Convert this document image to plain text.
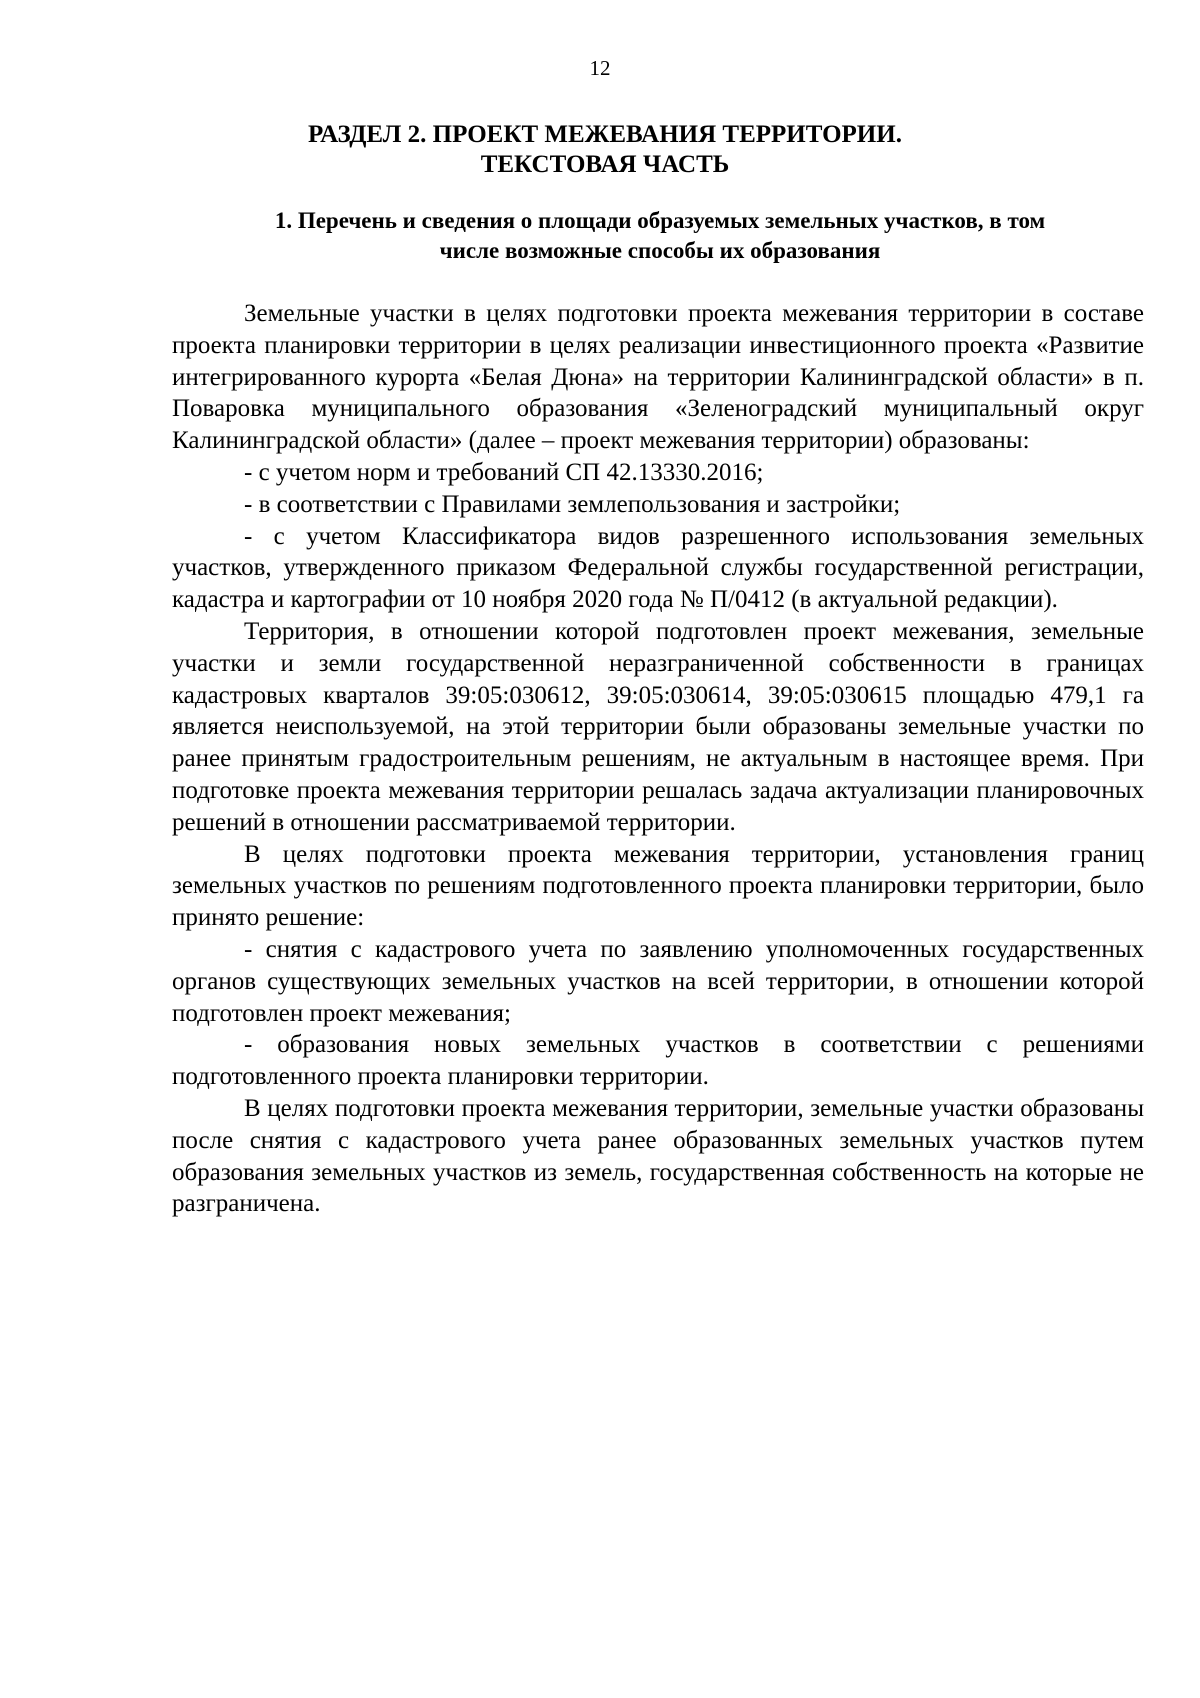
12
РАЗДЕЛ 2. ПРОЕКТ МЕЖЕВАНИЯ ТЕРРИТОРИИ.
ТЕКСТОВАЯ ЧАСТЬ
1. Перечень и сведения о площади образуемых земельных участков, в том
числе возможные способы их образования

Земельные участки в целях подготовки проекта межевания территории в составе проекта планировки территории в целях реализации инвестиционного проекта «Развитие интегрированного курорта «Белая Дюна» на территории Калининградской области» в п. Поваровка муниципального образования «Зеленоградский муниципальный округ Калининградской области» (далее – проект межевания территории) образованы:

- с учетом норм и требований СП 42.13330.2016;

- в соответствии с Правилами землепользования и застройки;

- с учетом Классификатора видов разрешенного использования земельных участков, утвержденного приказом Федеральной службы государственной регистрации, кадастра и картографии от 10 ноября 2020 года № П/0412 (в актуальной редакции).

Территория, в отношении которой подготовлен проект межевания, земельные участки и земли государственной неразграниченной собственности в границах кадастровых кварталов 39:05:030612, 39:05:030614, 39:05:030615 площадью 479,1 га является неиспользуемой, на этой территории были образованы земельные участки по ранее принятым градостроительным решениям, не актуальным в настоящее время. При подготовке проекта межевания территории решалась задача актуализации планировочных решений в отношении рассматриваемой территории.

В целях подготовки проекта межевания территории, установления границ земельных участков по решениям подготовленного проекта планировки территории, было принято решение:

- снятия с кадастрового учета по заявлению уполномоченных государственных органов существующих земельных участков на всей территории, в отношении которой подготовлен проект межевания;

- образования новых земельных участков в соответствии с решениями подготовленного проекта планировки территории.

В целях подготовки проекта межевания территории, земельные участки образованы после снятия с кадастрового учета ранее образованных земельных участков путем образования земельных участков из земель, государственная собственность на которые не разграничена.
